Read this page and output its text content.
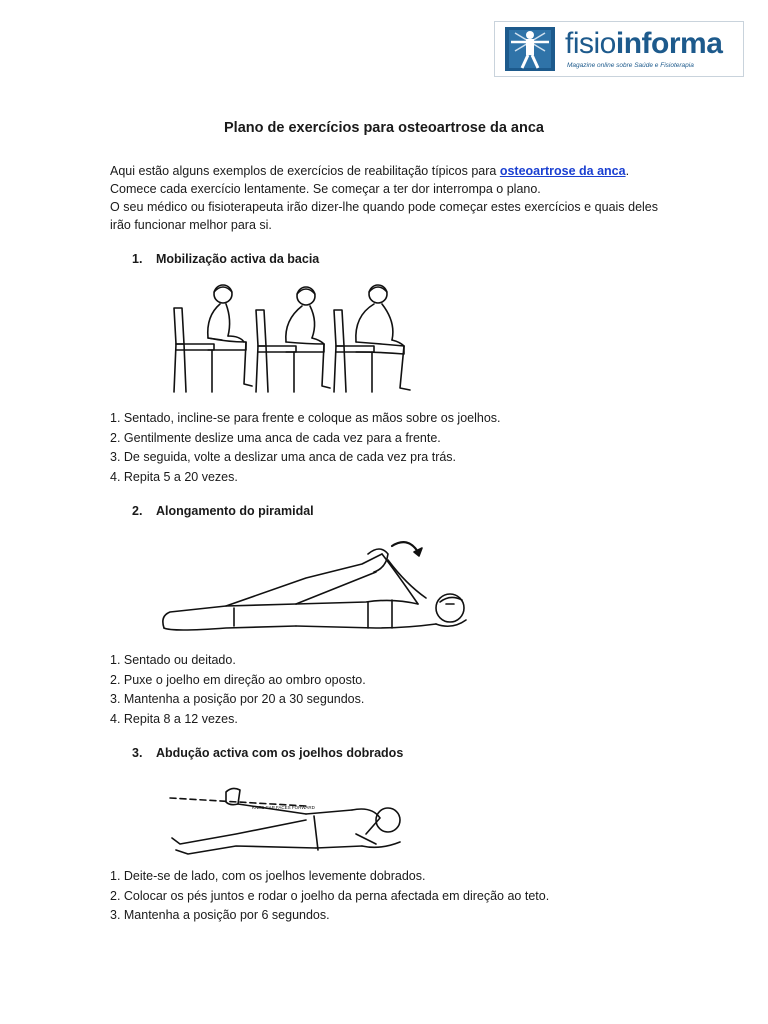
fisioinforma
Magazine online sobre Saúde e Fisioterapia
Plano de exercícios para osteoartrose da anca

Aqui estão alguns exemplos de exercícios de reabilitação típicos para osteoartrose da anca.

Comece cada exercício lentamente. Se começar a ter dor interrompa o plano.

O seu médico ou fisioterapeuta irão dizer-lhe quando pode começar estes exercícios e quais deles irão funcionar melhor para si.

1. Mobilização activa da bacia
1. Sentado, incline-se para frente e coloque as mãos sobre os joelhos.
2. Gentilmente deslize uma anca de cada vez para a frente.
3. De seguida, volte a deslizar uma anca de cada vez pra trás.
4. Repita 5 a 20 vezes.
2. Alongamento do piramidal
1. Sentado ou deitado.
2. Puxe o joelho em direção ao ombro oposto.
3. Mantenha a posição por 20 a 30 segundos.
4. Repita 8 a 12 vezes.
3. Abdução activa com os joelhos dobrados
KNEE CAP FACES FORWARD
1. Deite-se de lado, com os joelhos levemente dobrados.
2. Colocar os pés juntos e rodar o joelho da perna afectada em direção ao teto.
3. Mantenha a posição por 6 segundos.
